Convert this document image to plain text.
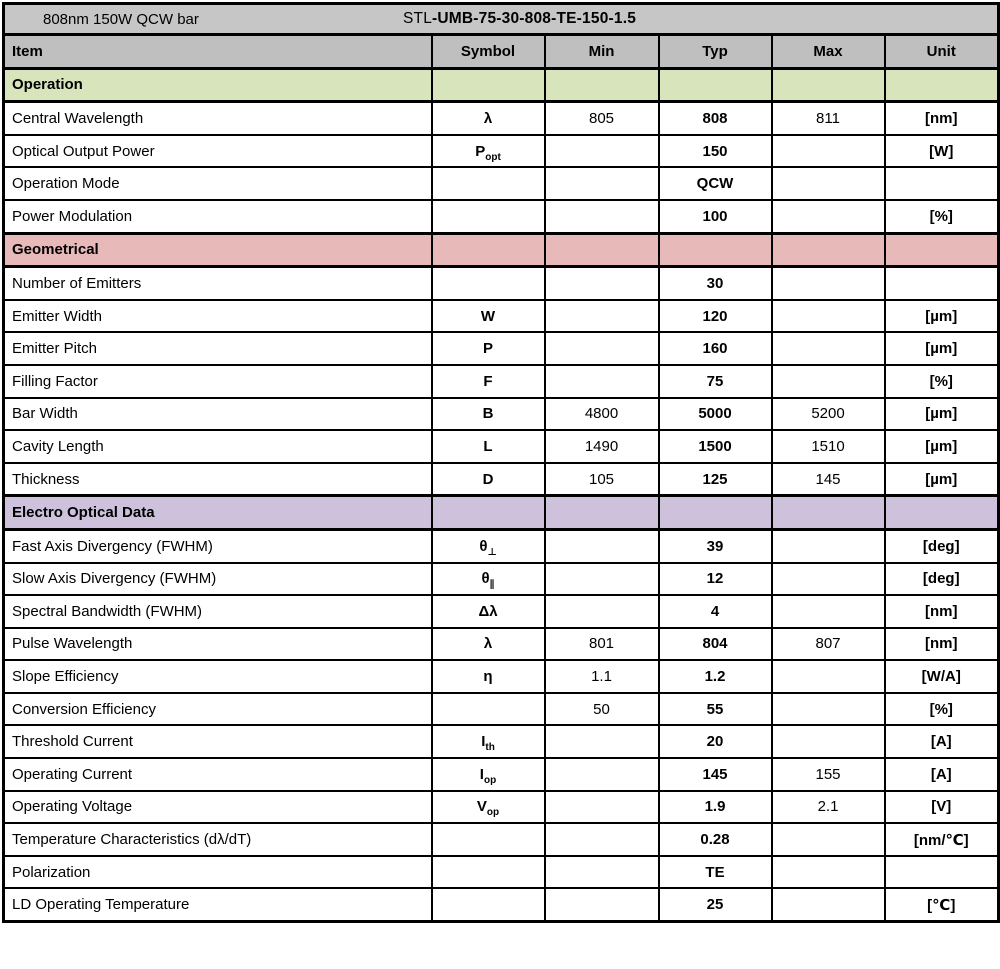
808nm 150W QCW bar STL-UMB-75-30-808-TE-150-1.5					

Item	Symbol	Min	Typ	Max	Unit
Operation					
Central Wavelength	λ	805	808	811	[nm]
Optical Output Power	$P_{opt}$		150		[W]
Operation Mode			QCW		
Power Modulation			100		[%]
Geometrical					
Number of Emitters			30		
Emitter Width	W		120		[µm]
Emitter Pitch	P		160		[µm]
Filling Factor	F		75		[%]
Bar Width	B	4800	5000	5200	[µm]
Cavity Length	L	1490	1500	1510	[µm]
Thickness	D	105	125	145	[µm]
Electro Optical Data					
Fast Axis Divergency (FWHM)	$\theta_\perp$		39		[deg]
Slow Axis Divergency (FWHM)	$\theta_\parallel$		12		[deg]
Spectral Bandwidth (FWHM)	Δλ		4		[nm]
Pulse Wavelength	λ	801	804	807	[nm]
Slope Efficiency	η	1.1	1.2		[W/A]
Conversion Efficiency		50	55		[%]
Threshold Current	$I_{th}$		20		[A]
Operating Current	$I_{op}$		145	155	[A]
Operating Voltage	$V_{op}$		1.9	2.1	[V]
Temperature Characteristics (dλ/dT)			0.28		[nm/℃]
Polarization			TE		
LD Operating Temperature			25		[℃]
